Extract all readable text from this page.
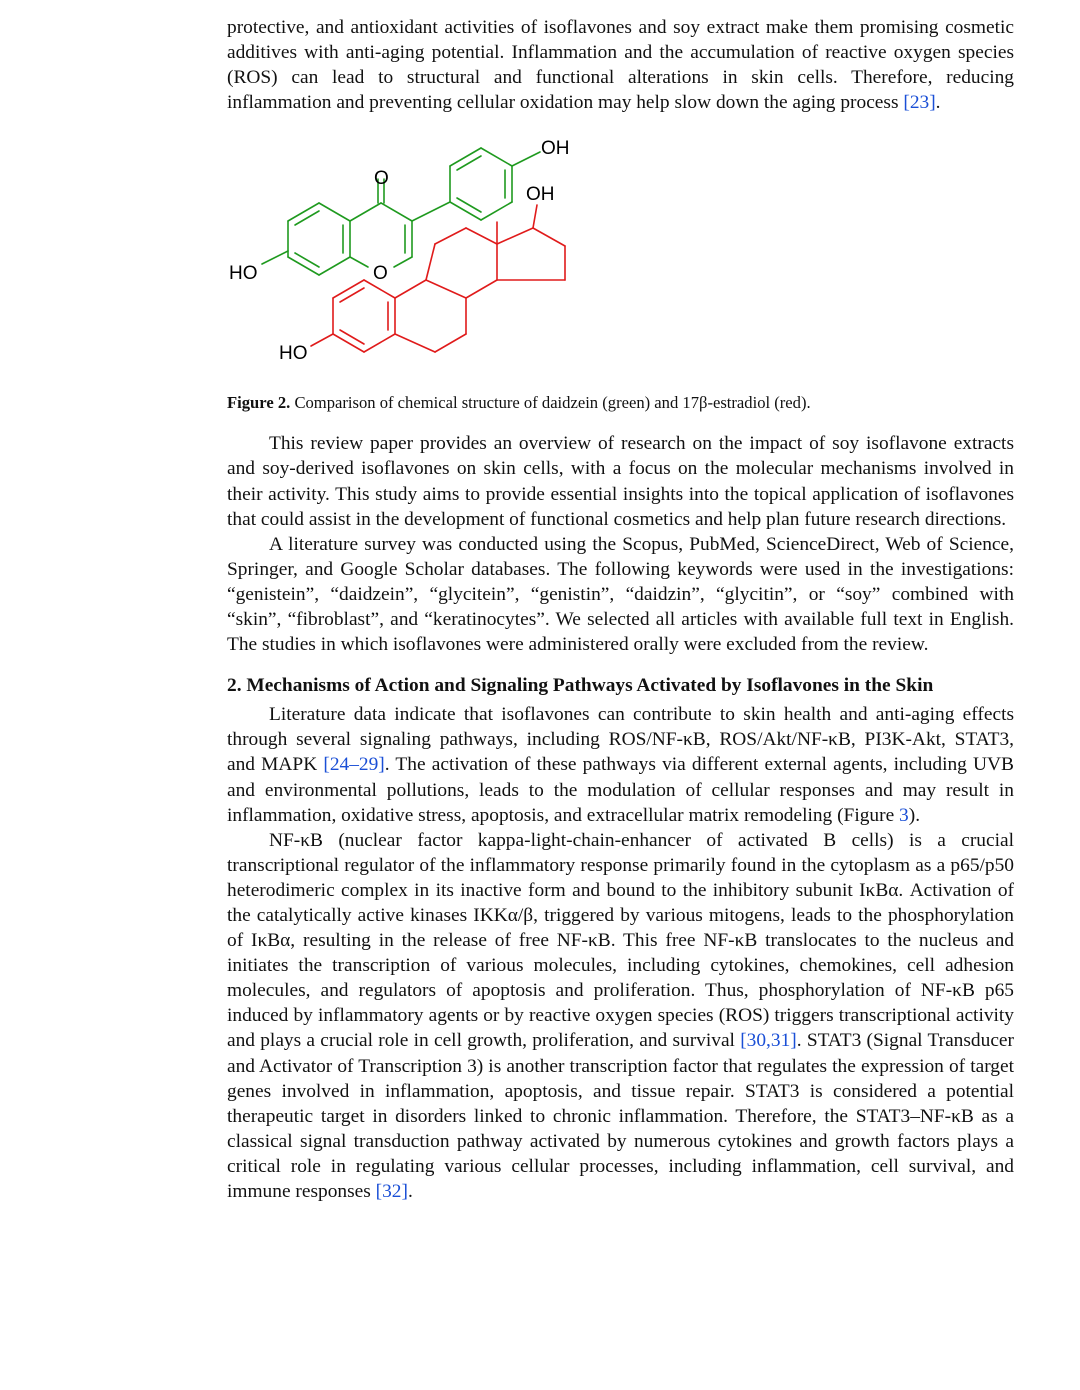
protective, and antioxidant activities of isoflavones and soy extract make them promising cosmetic additives with anti-aging potential. Inflammation and the accumulation of reactive oxygen species (ROS) can lead to structural and functional alterations in skin cells. Therefore, reducing inflammation and preventing cellular oxidation may help slow down the aging process [23].

OH
OH
O
O
HO
HO

Figure 2. Comparison of chemical structure of daidzein (green) and 17β-estradiol (red).

This review paper provides an overview of research on the impact of soy isoflavone extracts and soy-derived isoflavones on skin cells, with a focus on the molecular mechanisms involved in their activity. This study aims to provide essential insights into the topical application of isoflavones that could assist in the development of functional cosmetics and help plan future research directions.

A literature survey was conducted using the Scopus, PubMed, ScienceDirect, Web of Science, Springer, and Google Scholar databases. The following keywords were used in the investigations: “genistein”, “daidzein”, “glycitein”, “genistin”, “daidzin”, “glycitin”, or “soy” combined with “skin”, “fibroblast”, and “keratinocytes”. We selected all articles with available full text in English. The studies in which isoflavones were administered orally were excluded from the review.

2. Mechanisms of Action and Signaling Pathways Activated by Isoflavones in the Skin

Literature data indicate that isoflavones can contribute to skin health and anti-aging effects through several signaling pathways, including ROS/NF-κB, ROS/Akt/NF-κB, PI3K-Akt, STAT3, and MAPK [24–29]. The activation of these pathways via different external agents, including UVB and environmental pollutions, leads to the modulation of cellular responses and may result in inflammation, oxidative stress, apoptosis, and extracellular matrix remodeling (Figure 3).

NF-κB (nuclear factor kappa-light-chain-enhancer of activated B cells) is a crucial transcriptional regulator of the inflammatory response primarily found in the cytoplasm as a p65/p50 heterodimeric complex in its inactive form and bound to the inhibitory subunit IκBα. Activation of the catalytically active kinases IKKα/β, triggered by various mitogens, leads to the phosphorylation of IκBα, resulting in the release of free NF-κB. This free NF-κB translocates to the nucleus and initiates the transcription of various molecules, including cytokines, chemokines, cell adhesion molecules, and regulators of apoptosis and proliferation. Thus, phosphorylation of NF-κB p65 induced by inflammatory agents or by reactive oxygen species (ROS) triggers transcriptional activity and plays a crucial role in cell growth, proliferation, and survival [30,31]. STAT3 (Signal Transducer and Activator of Transcription 3) is another transcription factor that regulates the expression of target genes involved in inflammation, apoptosis, and tissue repair. STAT3 is considered a potential therapeutic target in disorders linked to chronic inflammation. Therefore, the STAT3–NF-κB as a classical signal transduction pathway activated by numerous cytokines and growth factors plays a critical role in regulating various cellular processes, including inflammation, cell survival, and immune responses [32].
